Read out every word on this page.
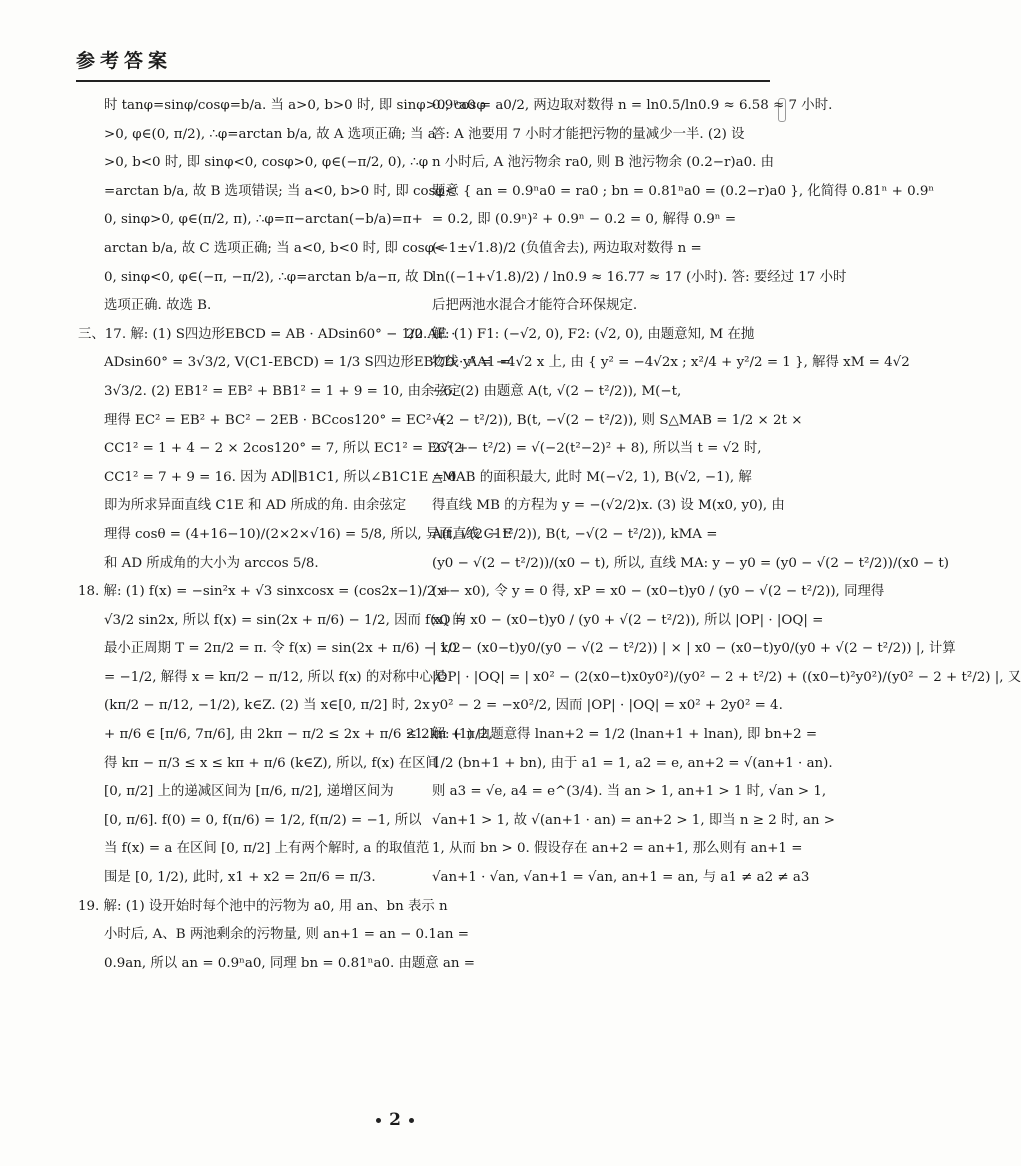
参考答案
时 tanφ=sinφ/cosφ=b/a. 当 a>0, b>0 时, 即 sinφ>0, cosφ
>0, φ∈(0, π/2), ∴φ=arctan b/a, 故 A 选项正确; 当 a
>0, b<0 时, 即 sinφ<0, cosφ>0, φ∈(−π/2, 0), ∴φ
=arctan b/a, 故 B 选项错误; 当 a<0, b>0 时, 即 cosφ<
0, sinφ>0, φ∈(π/2, π), ∴φ=π−arctan(−b/a)=π+
arctan b/a, 故 C 选项正确; 当 a<0, b<0 时, 即 cosφ<
0, sinφ<0, φ∈(−π, −π/2), ∴φ=arctan b/a−π, 故 D
选项正确. 故选 B.
三、17. 解: (1) S四边形EBCD = AB · ADsin60° − 1/2 AE ·
ADsin60° = 3√3/2, V(C1-EBCD) = 1/3 S四边形EBCD · AA1 =
3√3/2. (2) EB1² = EB² + BB1² = 1 + 9 = 10, 由余弦定
理得 EC² = EB² + BC² − 2EB · BCcos120° = EC² +
CC1² = 1 + 4 − 2 × 2cos120° = 7, 所以 EC1² = EC² +
CC1² = 7 + 9 = 16. 因为 AD∥B1C1, 所以∠B1C1E = θ
即为所求异面直线 C1E 和 AD 所成的角. 由余弦定
理得 cosθ = (4+16−10)/(2×2×√16) = 5/8, 所以, 异面直线 C1E
和 AD 所成角的大小为 arccos 5/8.
18. 解: (1) f(x) = −sin²x + √3 sinxcosx = (cos2x−1)/2 +
√3/2 sin2x, 所以 f(x) = sin(2x + π/6) − 1/2, 因而 f(x) 的
最小正周期 T = 2π/2 = π. 令 f(x) = sin(2x + π/6) − 1/2
= −1/2, 解得 x = kπ/2 − π/12, 所以 f(x) 的对称中心是
(kπ/2 − π/12, −1/2), k∈Z. (2) 当 x∈[0, π/2] 时, 2x
+ π/6 ∈ [π/6, 7π/6], 由 2kπ − π/2 ≤ 2x + π/6 ≤ 2kπ + π/2,
得 kπ − π/3 ≤ x ≤ kπ + π/6 (k∈Z), 所以, f(x) 在区间
[0, π/2] 上的递减区间为 [π/6, π/2], 递增区间为
[0, π/6]. f(0) = 0, f(π/6) = 1/2, f(π/2) = −1, 所以
当 f(x) = a 在区间 [0, π/2] 上有两个解时, a 的取值范
围是 [0, 1/2), 此时, x1 + x2 = 2π/6 = π/3.
19. 解: (1) 设开始时每个池中的污物为 a0, 用 an、bn 表示 n
小时后, A、B 两池剩余的污物量, 则 an+1 = an − 0.1an =
0.9an, 所以 an = 0.9ⁿa0, 同理 bn = 0.81ⁿa0. 由题意 an =
0.9ⁿa0 = a0/2, 两边取对数得 n = ln0.5/ln0.9 ≈ 6.58 ≈ 7 小时.
答: A 池要用 7 小时才能把污物的量减少一半. (2) 设
n 小时后, A 池污物余 ra0, 则 B 池污物余 (0.2−r)a0. 由
题意 { an = 0.9ⁿa0 = ra0 ; bn = 0.81ⁿa0 = (0.2−r)a0 }, 化简得 0.81ⁿ + 0.9ⁿ
= 0.2, 即 (0.9ⁿ)² + 0.9ⁿ − 0.2 = 0, 解得 0.9ⁿ =
(−1±√1.8)/2 (负值舍去), 两边取对数得 n =
ln((−1+√1.8)/2) / ln0.9 ≈ 16.77 ≈ 17 (小时). 答: 要经过 17 小时
后把两池水混合才能符合环保规定.
20. 解: (1) F1: (−√2, 0), F2: (√2, 0), 由题意知, M 在抛
物线 y² = −4√2 x 上, 由 { y² = −4√2x ; x²/4 + y²/2 = 1 }, 解得 xM = 4√2
−6. (2) 由题意 A(t, √(2 − t²/2)), M(−t,
√(2 − t²/2)), B(t, −√(2 − t²/2)), 则 S△MAB = 1/2 × 2t ×
2√(2 − t²/2) = √(−2(t²−2)² + 8), 所以当 t = √2 时,
△MAB 的面积最大, 此时 M(−√2, 1), B(√2, −1), 解
得直线 MB 的方程为 y = −(√2/2)x. (3) 设 M(x0, y0), 由
A(t, √(2 − t²/2)), B(t, −√(2 − t²/2)), kMA =
(y0 − √(2 − t²/2))/(x0 − t), 所以, 直线 MA: y − y0 = (y0 − √(2 − t²/2))/(x0 − t)
(x − x0), 令 y = 0 得, xP = x0 − (x0−t)y0 / (y0 − √(2 − t²/2)), 同理得
xQ = x0 − (x0−t)y0 / (y0 + √(2 − t²/2)), 所以 |OP| · |OQ| =
| x0 − (x0−t)y0/(y0 − √(2 − t²/2)) | × | x0 − (x0−t)y0/(y0 + √(2 − t²/2)) |, 计算
|OP| · |OQ| = | x0² − (2(x0−t)x0y0²)/(y0² − 2 + t²/2) + ((x0−t)²y0²)/(y0² − 2 + t²/2) |, 又
y0² − 2 = −x0²/2, 因而 |OP| · |OQ| = x0² + 2y0² = 4.
21. 解: (1) 由题意得 lnan+2 = 1/2 (lnan+1 + lnan), 即 bn+2 =
1/2 (bn+1 + bn), 由于 a1 = 1, a2 = e, an+2 = √(an+1 · an).
则 a3 = √e, a4 = e^(3/4). 当 an > 1, an+1 > 1 时, √an > 1,
√an+1 > 1, 故 √(an+1 · an) = an+2 > 1, 即当 n ≥ 2 时, an >
1, 从而 bn > 0. 假设存在 an+2 = an+1, 那么则有 an+1 =
√an+1 · √an, √an+1 = √an, an+1 = an, 与 a1 ≠ a2 ≠ a3
2
